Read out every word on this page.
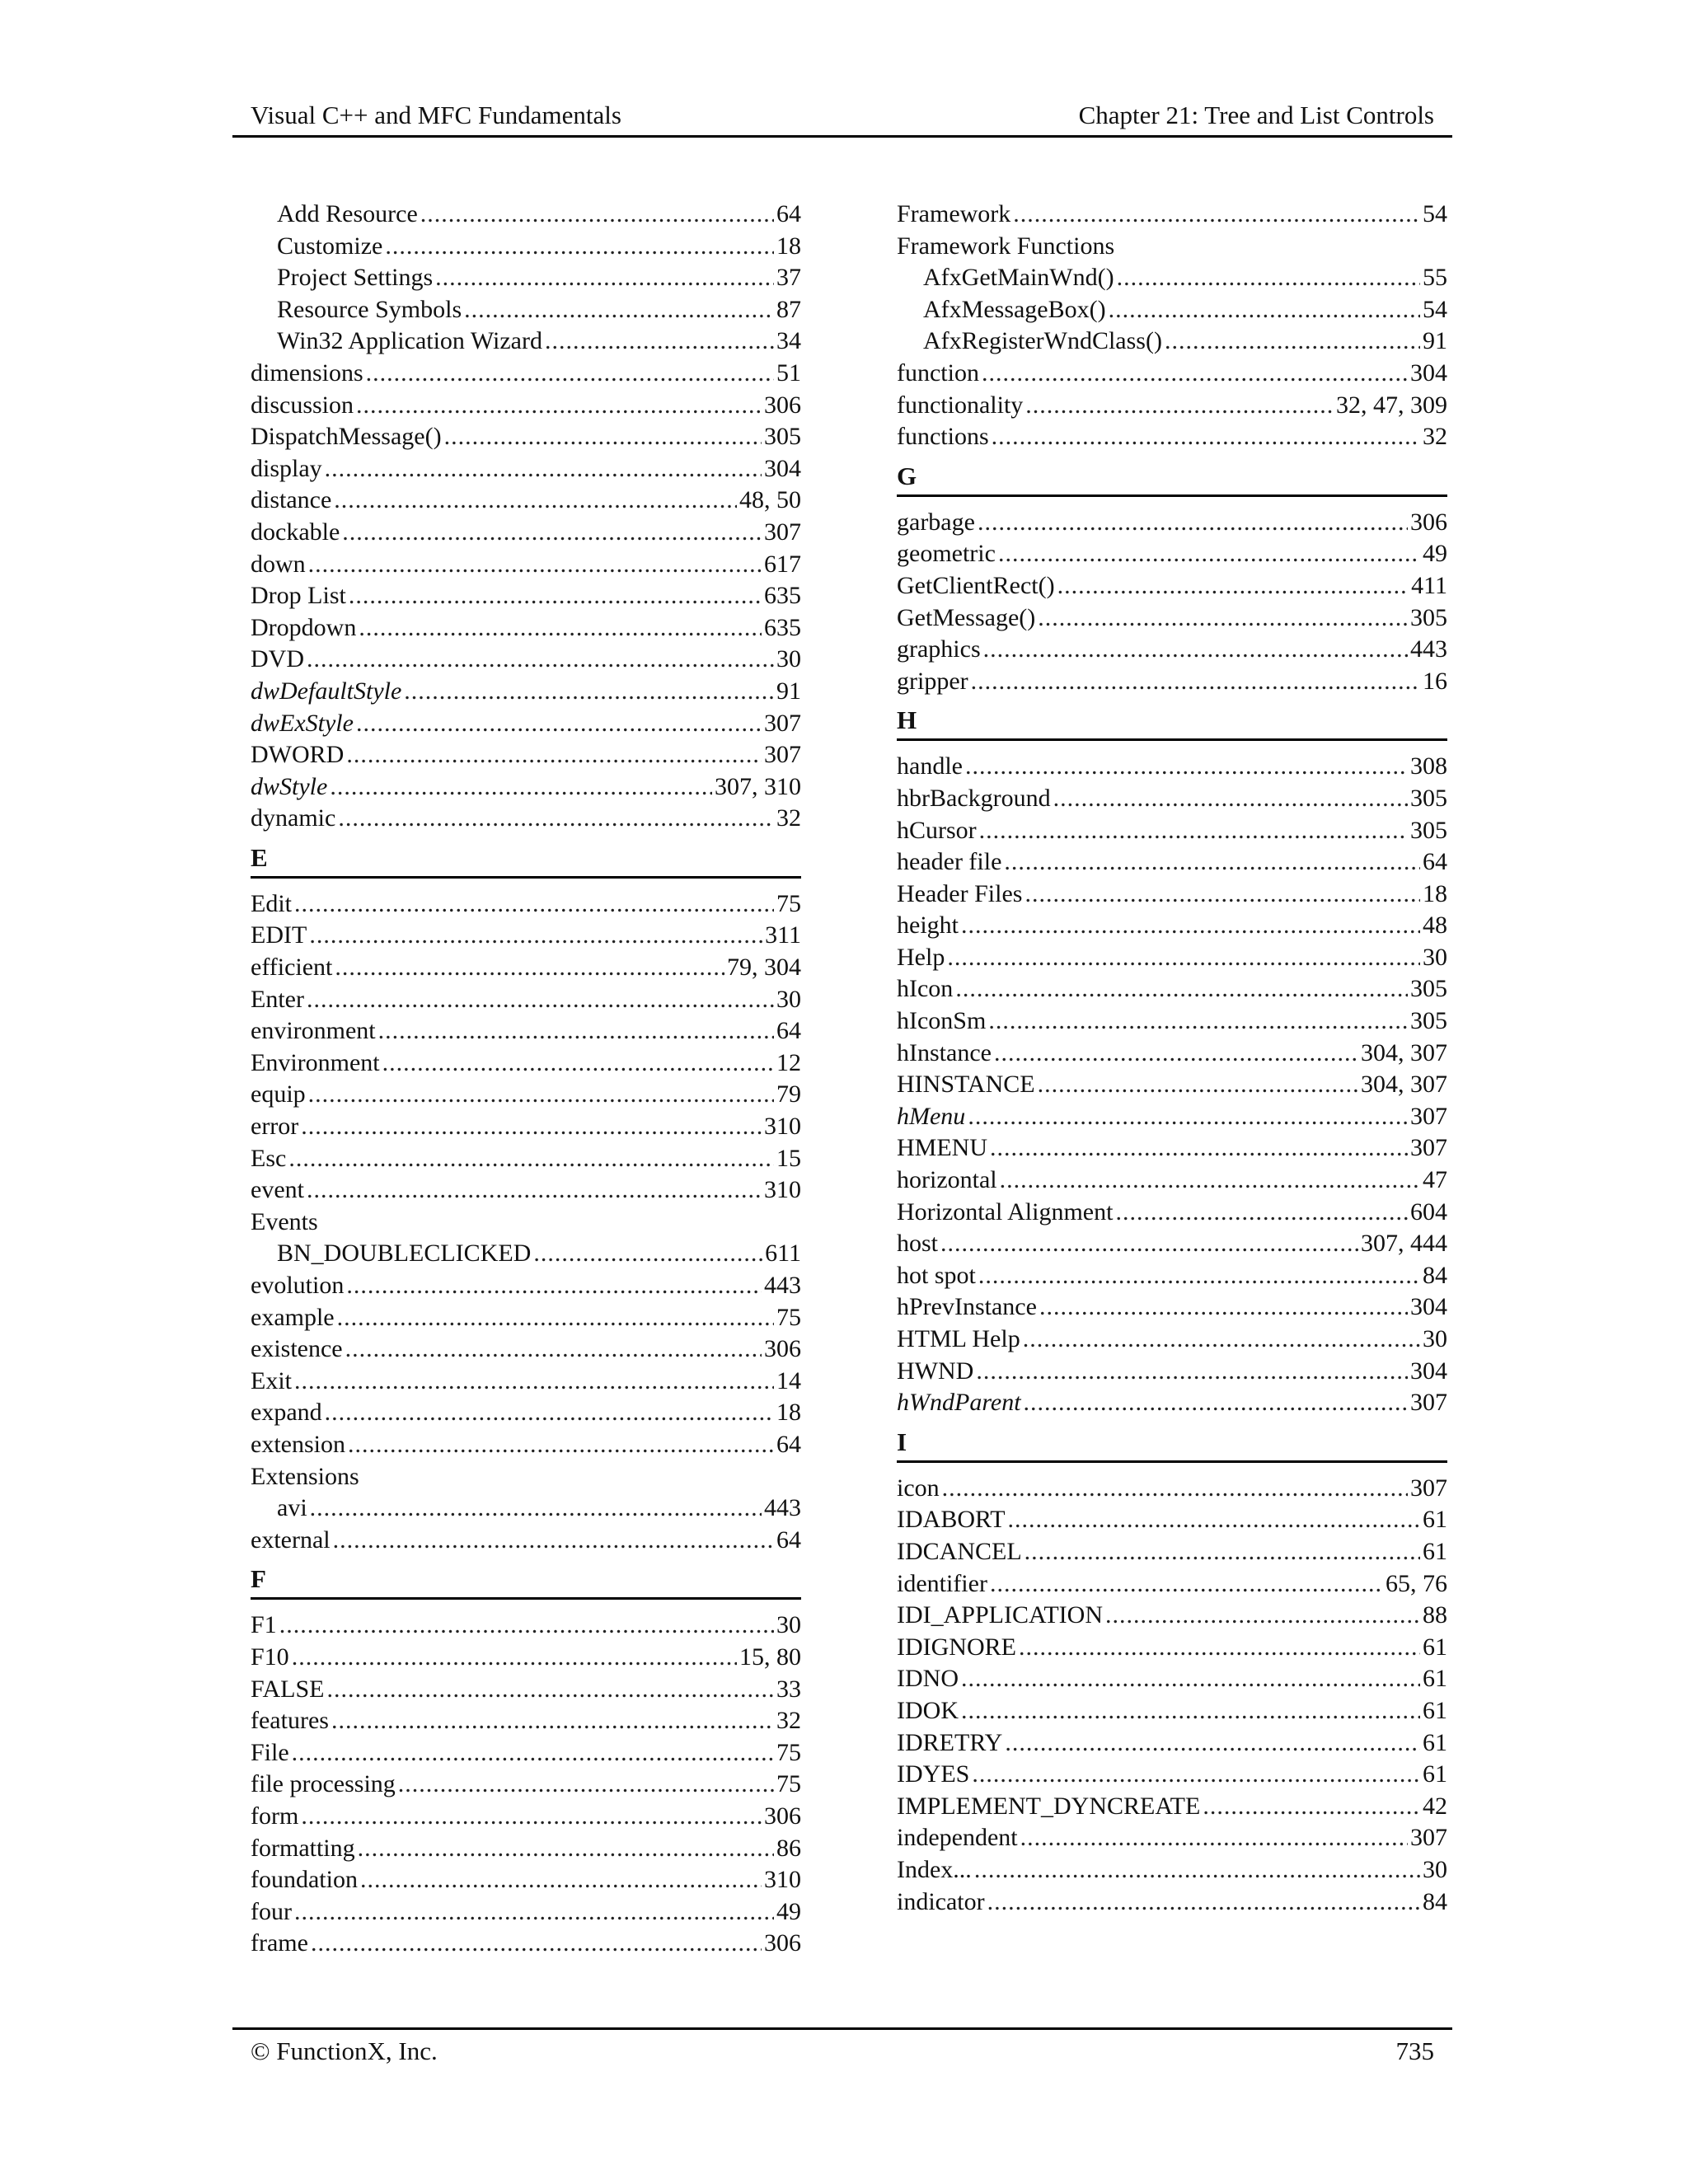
Visual C++ and MFC Fundamentals	Chapter 21: Tree and List Controls
Add Resource .....	64
Customize .....	18
Project Settings .....	37
Resource Symbols .....	87
Win32 Application Wizard .....	34
dimensions .....	51
discussion .....	306
DispatchMessage() .....	305
display .....	304
distance .....	48, 50
dockable .....	307
down .....	617
Drop List .....	635
Dropdown .....	635
DVD .....	30
dwDefaultStyle .....	91
dwExStyle .....	307
DWORD .....	307
dwStyle .....	307, 310
dynamic .....	32
E
Edit .....	75
EDIT .....	311
efficient .....	79, 304
Enter .....	30
environment .....	64
Environment .....	12
equip .....	79
error .....	310
Esc .....	15
event .....	310
Events
BN_DOUBLECLICKED .....	611
evolution .....	443
example .....	75
existence .....	306
Exit .....	14
expand .....	18
extension .....	64
Extensions
avi .....	443
external .....	64
F
F1 .....	30
F10 .....	15, 80
FALSE .....	33
features .....	32
File .....	75
file processing .....	75
form .....	306
formatting .....	86
foundation .....	310
four .....	49
frame .....	306
Framework .....	54
Framework Functions
AfxGetMainWnd() .....	55
AfxMessageBox() .....	54
AfxRegisterWndClass() .....	91
function .....	304
functionality .....	32, 47, 309
functions .....	32
G
garbage .....	306
geometric .....	49
GetClientRect() .....	411
GetMessage() .....	305
graphics .....	443
gripper .....	16
H
handle .....	308
hbrBackground .....	305
hCursor .....	305
header file .....	64
Header Files .....	18
height .....	48
Help .....	30
hIcon .....	305
hIconSm .....	305
hInstance .....	304, 307
HINSTANCE .....	304, 307
hMenu .....	307
HMENU .....	307
horizontal .....	47
Horizontal Alignment .....	604
host .....	307, 444
hot spot .....	84
hPrevInstance .....	304
HTML Help .....	30
HWND .....	304
hWndParent .....	307
I
icon .....	307
IDABORT .....	61
IDCANCEL .....	61
identifier .....	65, 76
IDI_APPLICATION .....	88
IDIGNORE .....	61
IDNO .....	61
IDOK .....	61
IDRETRY .....	61
IDYES .....	61
IMPLEMENT_DYNCREATE .....	42
independent .....	307
Index... .....	30
indicator .....	84
© FunctionX, Inc.	735
